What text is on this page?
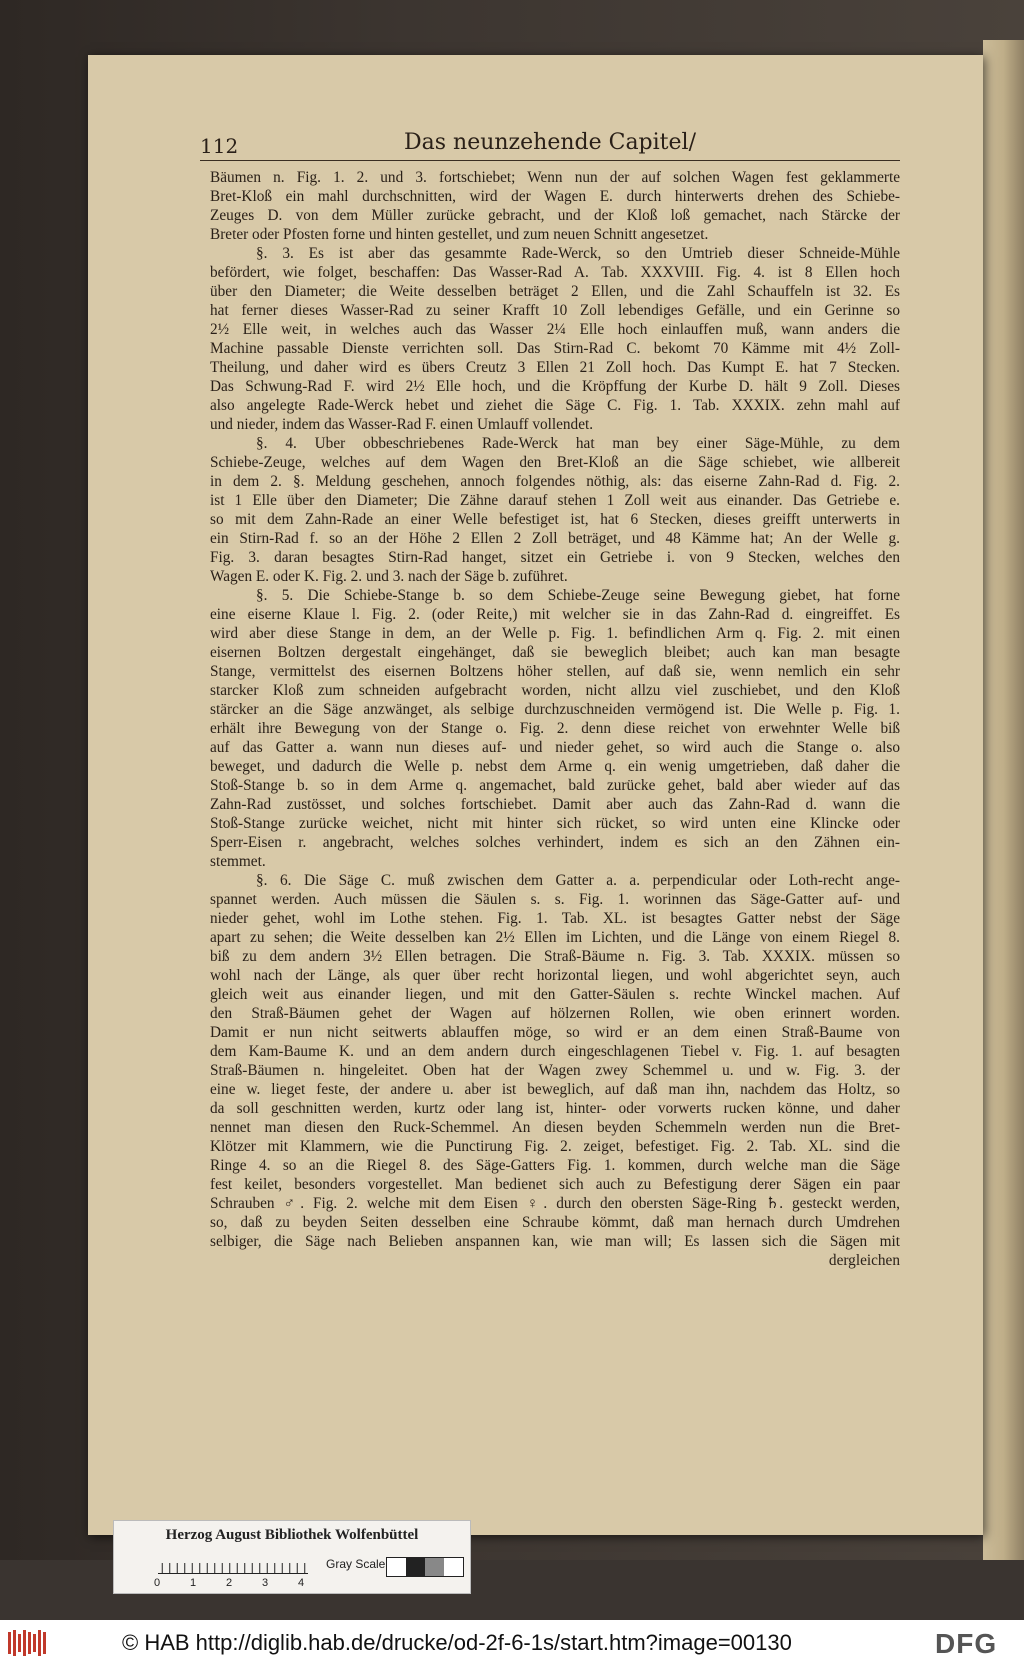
112	Das neunzehende Capitel/
Bäumen n. Fig. 1. 2. und 3. fortschiebet; Wenn nun der auf solchen Wagen fest geklammerte
Bret-Kloß ein mahl durchschnitten, wird der Wagen E. durch hinterwerts drehen des Schiebe-
Zeuges D. von dem Müller zurücke gebracht, und der Kloß loß gemachet, nach Stärcke der
Breter oder Pfosten forne und hinten gestellet, und zum neuen Schnitt angesetzet.
§. 3. Es ist aber das gesammte Rade-Werck, so den Umtrieb dieser Schneide-Mühle
befördert, wie folget, beschaffen: Das Wasser-Rad A. Tab. XXXVIII. Fig. 4. ist 8 Ellen hoch
über den Diameter; die Weite desselben beträget 2 Ellen, und die Zahl Schauffeln ist 32. Es
hat ferner dieses Wasser-Rad zu seiner Krafft 10 Zoll lebendiges Gefälle, und ein Gerinne so
2½ Elle weit, in welches auch das Wasser 2¼ Elle hoch einlauffen muß, wann anders die
Machine passable Dienste verrichten soll. Das Stirn-Rad C. bekomt 70 Kämme mit 4½ Zoll-
Theilung, und daher wird es übers Creutz 3 Ellen 21 Zoll hoch. Das Kumpt E. hat 7 Stecken.
Das Schwung-Rad F. wird 2½ Elle hoch, und die Kröpffung der Kurbe D. hält 9 Zoll. Dieses
also angelegte Rade-Werck hebet und ziehet die Säge C. Fig. 1. Tab. XXXIX. zehn mahl auf
und nieder, indem das Wasser-Rad F. einen Umlauff vollendet.
§. 4. Uber obbeschriebenes Rade-Werck hat man bey einer Säge-Mühle, zu dem
Schiebe-Zeuge, welches auf dem Wagen den Bret-Kloß an die Säge schiebet, wie allbereit
in dem 2. §. Meldung geschehen, annoch folgendes nöthig, als: das eiserne Zahn-Rad d. Fig. 2.
ist 1 Elle über den Diameter; Die Zähne darauf stehen 1 Zoll weit aus einander. Das Getriebe e.
so mit dem Zahn-Rade an einer Welle befestiget ist, hat 6 Stecken, dieses greifft unterwerts in
ein Stirn-Rad f. so an der Höhe 2 Ellen 2 Zoll beträget, und 48 Kämme hat; An der Welle g.
Fig. 3. daran besagtes Stirn-Rad hanget, sitzet ein Getriebe i. von 9 Stecken, welches den
Wagen E. oder K. Fig. 2. und 3. nach der Säge b. zuführet.
§. 5. Die Schiebe-Stange b. so dem Schiebe-Zeuge seine Bewegung giebet, hat forne
eine eiserne Klaue l. Fig. 2. (oder Reite,) mit welcher sie in das Zahn-Rad d. eingreiffet. Es
wird aber diese Stange in dem, an der Welle p. Fig. 1. befindlichen Arm q. Fig. 2. mit einen
eisernen Boltzen dergestalt eingehänget, daß sie beweglich bleibet; auch kan man besagte
Stange, vermittelst des eisernen Boltzens höher stellen, auf daß sie, wenn nemlich ein sehr
starcker Kloß zum schneiden aufgebracht worden, nicht allzu viel zuschiebet, und den Kloß
stärcker an die Säge anzwänget, als selbige durchzuschneiden vermögend ist. Die Welle p. Fig. 1.
erhält ihre Bewegung von der Stange o. Fig. 2. denn diese reichet von erwehnter Welle biß
auf das Gatter a. wann nun dieses auf- und nieder gehet, so wird auch die Stange o. also
beweget, und dadurch die Welle p. nebst dem Arme q. ein wenig umgetrieben, daß daher die
Stoß-Stange b. so in dem Arme q. angemachet, bald zurücke gehet, bald aber wieder auf das
Zahn-Rad zustösset, und solches fortschiebet. Damit aber auch das Zahn-Rad d. wann die
Stoß-Stange zurücke weichet, nicht mit hinter sich rücket, so wird unten eine Klincke oder
Sperr-Eisen r. angebracht, welches solches verhindert, indem es sich an den Zähnen ein-
stemmet.
§. 6. Die Säge C. muß zwischen dem Gatter a. a. perpendicular oder Loth-recht ange-
spannet werden. Auch müssen die Säulen s. s. Fig. 1. worinnen das Säge-Gatter auf- und
nieder gehet, wohl im Lothe stehen. Fig. 1. Tab. XL. ist besagtes Gatter nebst der Säge
apart zu sehen; die Weite desselben kan 2½ Ellen im Lichten, und die Länge von einem Riegel 8.
biß zu dem andern 3½ Ellen betragen. Die Straß-Bäume n. Fig. 3. Tab. XXXIX. müssen so
wohl nach der Länge, als quer über recht horizontal liegen, und wohl abgerichtet seyn, auch
gleich weit aus einander liegen, und mit den Gatter-Säulen s. rechte Winckel machen. Auf
den Straß-Bäumen gehet der Wagen auf hölzernen Rollen, wie oben erinnert worden.
Damit er nun nicht seitwerts ablauffen möge, so wird er an dem einen Straß-Baume von
dem Kam-Baume K. und an dem andern durch eingeschlagenen Tiebel v. Fig. 1. auf besagten
Straß-Bäumen n. hingeleitet. Oben hat der Wagen zwey Schemmel u. und w. Fig. 3. der
eine w. lieget feste, der andere u. aber ist beweglich, auf daß man ihn, nachdem das Holtz, so
da soll geschnitten werden, kurtz oder lang ist, hinter- oder vorwerts rucken könne, und daher
nennet man diesen den Ruck-Schemmel. An diesen beyden Schemmeln werden nun die Bret-
Klötzer mit Klammern, wie die Punctirung Fig. 2. zeiget, befestiget. Fig. 2. Tab. XL. sind die
Ringe 4. so an die Riegel 8. des Säge-Gatters Fig. 1. kommen, durch welche man die Säge
fest keilet, besonders vorgestellet. Man bedienet sich auch zu Befestigung derer Sägen ein paar
Schrauben ♂. Fig. 2. welche mit dem Eisen ♀. durch den obersten Säge-Ring ♄. gesteckt werden,
so, daß zu beyden Seiten desselben eine Schraube kömmt, daß man hernach durch Umdrehen
selbiger, die Säge nach Belieben anspannen kan, wie man will; Es lassen sich die Sägen mit
dergleichen
Herzog August Bibliothek Wolfenbüttel
0	1	2	3	4
Gray Scale
© HAB http://diglib.hab.de/drucke/od-2f-6-1s/start.htm?image=00130	DFG
